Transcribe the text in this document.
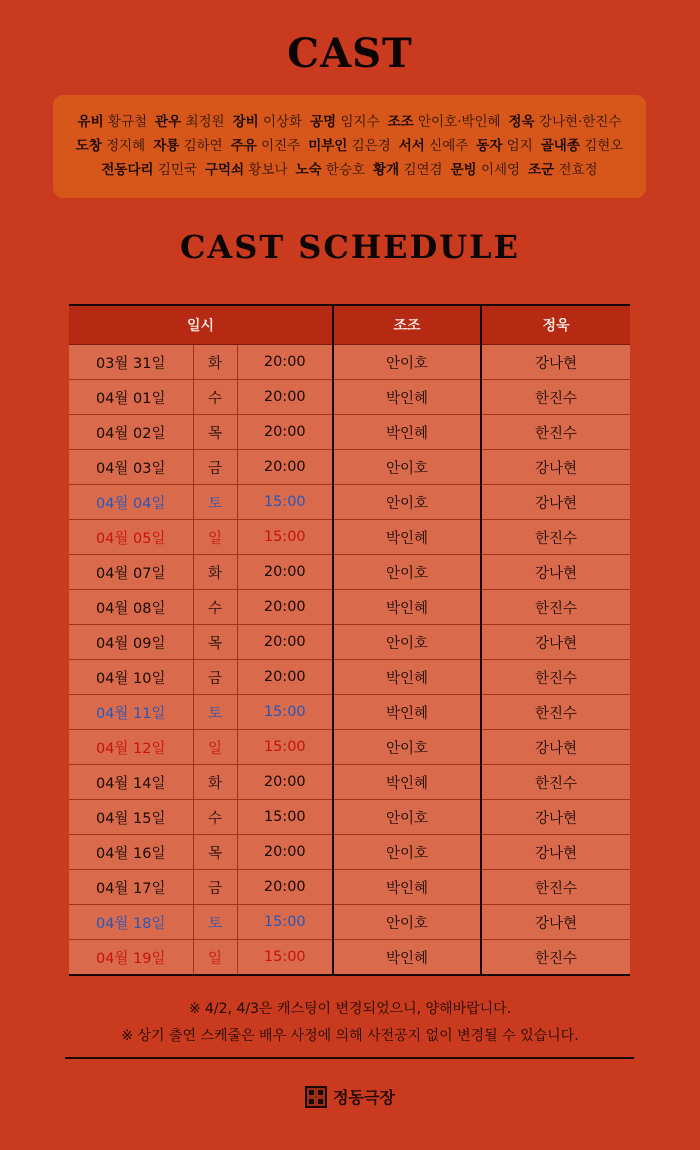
CAST
유비 황규철 관우 최정원 장비 이상화 공명 임지수 조조 안이호·박인혜 정욱 강나현·한진수
도창 정지혜 자룡 김하연 주유 이진주 미부인 김은경 서서 신예주 동자 엄지 골내종 김현오
전동다리 김민국 구먹쇠 황보나 노숙 한승호 황개 김연겸 문빙 이세영 조군 전효정
CAST SCHEDULE
일시			조조	정욱
03월 31일	화	20:00	안이호	강나현
04월 01일	수	20:00	박인혜	한진수
04월 02일	목	20:00	박인혜	한진수
04월 03일	금	20:00	안이호	강나현
04월 04일	토	15:00	안이호	강나현
04월 05일	일	15:00	박인혜	한진수
04월 07일	화	20:00	안이호	강나현
04월 08일	수	20:00	박인혜	한진수
04월 09일	목	20:00	안이호	강나현
04월 10일	금	20:00	박인혜	한진수
04월 11일	토	15:00	박인혜	한진수
04월 12일	일	15:00	안이호	강나현
04월 14일	화	20:00	박인혜	한진수
04월 15일	수	15:00	안이호	강나현
04월 16일	목	20:00	안이호	강나현
04월 17일	금	20:00	박인혜	한진수
04월 18일	토	15:00	안이호	강나현
04월 19일	일	15:00	박인혜	한진수
※ 4/2, 4/3은 캐스팅이 변경되었으니, 양해바랍니다.
※ 상기 출연 스케줄은 배우 사정에 의해 사전공지 없이 변경될 수 있습니다.
정동극장
